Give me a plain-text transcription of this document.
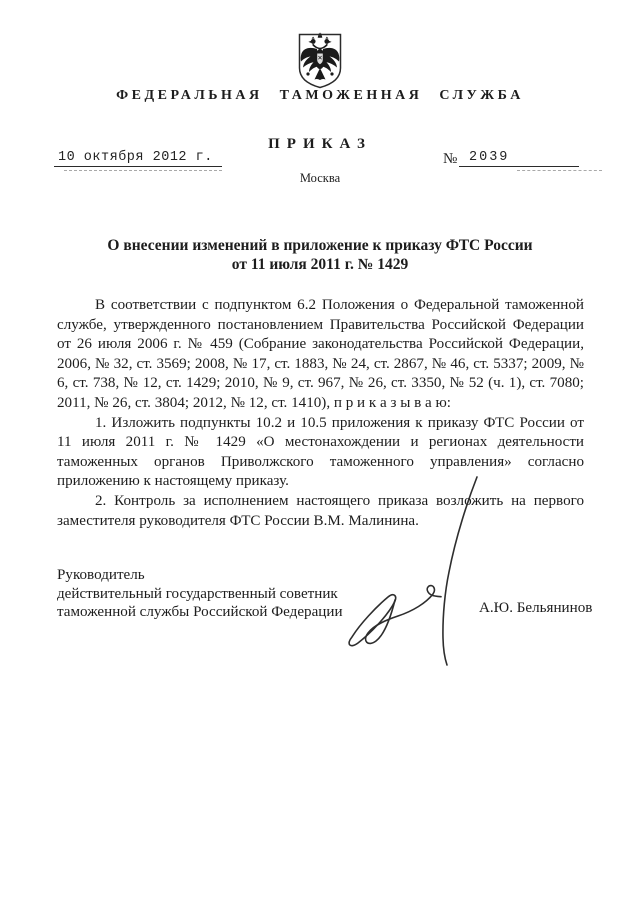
ФЕДЕРАЛЬНАЯ ТАМОЖЕННАЯ СЛУЖБА
ПРИКАЗ
10 октября 2012 г.	№ 2039
Москва
О внесении изменений в приложение к приказу ФТС России
от 11 июля 2011 г. № 1429

В соответствии с подпунктом 6.2 Положения о Федеральной таможенной службе, утвержденного постановлением Правительства Российской Федерации от 26 июля 2006 г. № 459 (Собрание законодательства Российской Федерации, 2006, № 32, ст. 3569; 2008, № 17, ст. 1883, № 24, ст. 2867, № 46, ст. 5337; 2009, № 6, ст. 738, № 12, ст. 1429; 2010, № 9, ст. 967, № 26, ст. 3350, № 52 (ч. 1), ст. 7080; 2011, № 26, ст. 3804; 2012, № 12, ст. 1410), п р и к а з ы в а ю:

1. Изложить подпункты 10.2 и 10.5 приложения к приказу ФТС России от 11 июля 2011 г. № 1429 «О местонахождении и регионах деятельности таможенных органов Приволжского таможенного управления» согласно приложению к настоящему приказу.

2. Контроль за исполнением настоящего приказа возложить на первого заместителя руководителя ФТС России В.М. Малинина.

Руководитель
действительный государственный советник
таможенной службы Российской Федерации	А.Ю. Бельянинов
